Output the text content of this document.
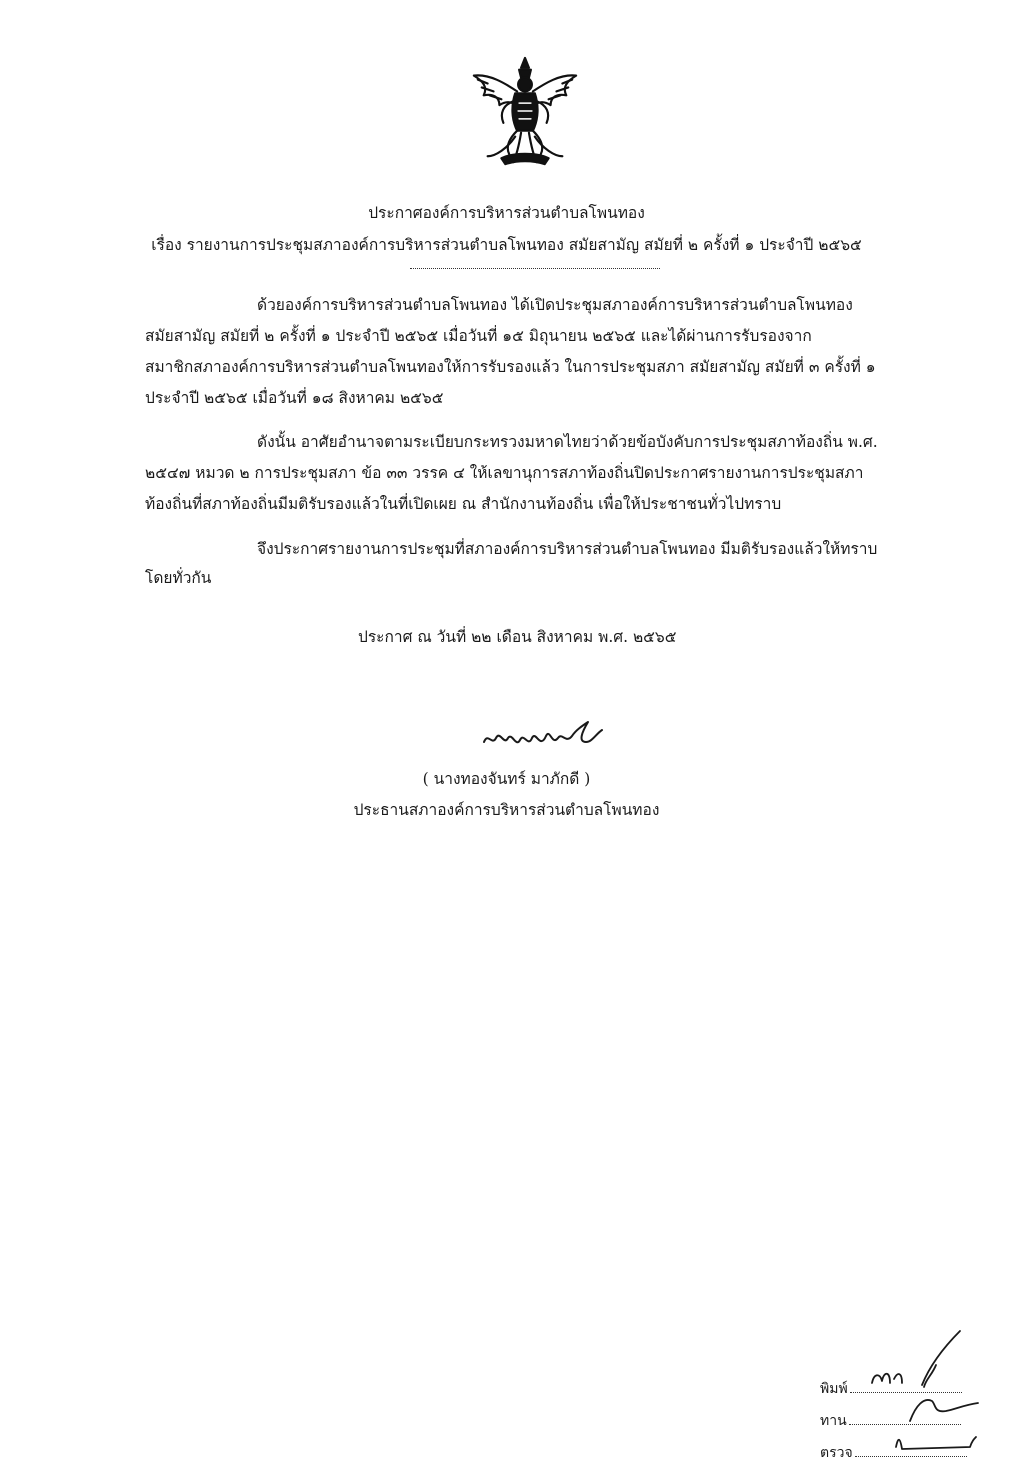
ประกาศองค์การบริหารส่วนตำบลโพนทอง
เรื่อง รายงานการประชุมสภาองค์การบริหารส่วนตำบลโพนทอง สมัยสามัญ สมัยที่ ๒ ครั้งที่ ๑ ประจำปี ๒๕๖๕
ด้วยองค์การบริหารส่วนตำบลโพนทอง ได้เปิดประชุมสภาองค์การบริหารส่วนตำบลโพนทอง
สมัยสามัญ สมัยที่ ๒ ครั้งที่ ๑ ประจำปี ๒๕๖๕ เมื่อวันที่ ๑๕ มิถุนายน ๒๕๖๕ และได้ผ่านการรับรองจาก
สมาชิกสภาองค์การบริหารส่วนตำบลโพนทองให้การรับรองแล้ว ในการประชุมสภา สมัยสามัญ สมัยที่ ๓ ครั้งที่ ๑
ประจำปี ๒๕๖๕ เมื่อวันที่ ๑๘ สิงหาคม ๒๕๖๕
ดังนั้น อาศัยอำนาจตามระเบียบกระทรวงมหาดไทยว่าด้วยข้อบังคับการประชุมสภาท้องถิ่น พ.ศ.
๒๕๔๗ หมวด ๒ การประชุมสภา ข้อ ๓๓ วรรค ๔ ให้เลขานุการสภาท้องถิ่นปิดประกาศรายงานการประชุมสภา
ท้องถิ่นที่สภาท้องถิ่นมีมติรับรองแล้วในที่เปิดเผย ณ สำนักงานท้องถิ่น เพื่อให้ประชาชนทั่วไปทราบ
จึงประกาศรายงานการประชุมที่สภาองค์การบริหารส่วนตำบลโพนทอง มีมติรับรองแล้วให้ทราบ
โดยทั่วกัน
ประกาศ ณ วันที่ ๒๒ เดือน สิงหาคม พ.ศ. ๒๕๖๕
( นางทองจันทร์ มาภักดี )
ประธานสภาองค์การบริหารส่วนตำบลโพนทอง
พิมพ์
ทาน
ตรวจ
